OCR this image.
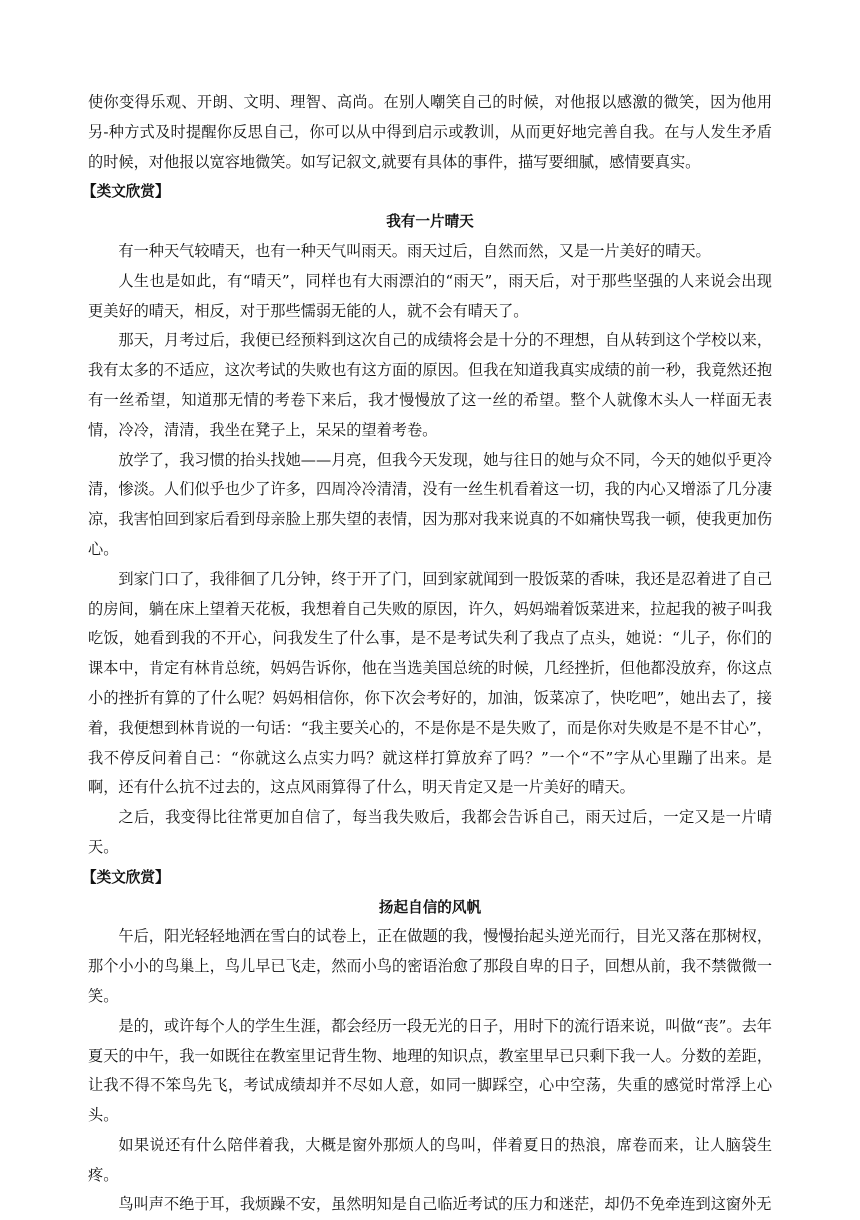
使你变得乐观、开朗、文明、理智、高尚。在别人嘲笑自己的时候，对他报以感激的微笑，因为他用另-种方式及时提醒你反思自己，你可以从中得到启示或教训，从而更好地完善自我。在与人发生矛盾的时候，对他报以宽容地微笑。如写记叙文,就要有具体的事件，描写要细腻，感情要真实。

【类文欣赏】

我有一片晴天

有一种天气较晴天，也有一种天气叫雨天。雨天过后，自然而然，又是一片美好的晴天。

人生也是如此，有“晴天”，同样也有大雨漂泊的“雨天”，雨天后，对于那些坚强的人来说会出现更美好的晴天，相反，对于那些懦弱无能的人，就不会有晴天了。

那天，月考过后，我便已经预料到这次自己的成绩将会是十分的不理想，自从转到这个学校以来，我有太多的不适应，这次考试的失败也有这方面的原因。但我在知道我真实成绩的前一秒，我竟然还抱有一丝希望，知道那无情的考卷下来后，我才慢慢放了这一丝的希望。整个人就像木头人一样面无表情，冷冷，清清，我坐在凳子上，呆呆的望着考卷。

放学了，我习惯的抬头找她——月亮，但我今天发现，她与往日的她与众不同，今天的她似乎更冷清，惨淡。人们似乎也少了许多，四周冷冷清清，没有一丝生机看着这一切，我的内心又增添了几分凄凉，我害怕回到家后看到母亲脸上那失望的表情，因为那对我来说真的不如痛快骂我一顿，使我更加伤心。

到家门口了，我徘徊了几分钟，终于开了门，回到家就闻到一股饭菜的香味，我还是忍着进了自己的房间，躺在床上望着天花板，我想着自己失败的原因，许久，妈妈端着饭菜进来，拉起我的被子叫我吃饭，她看到我的不开心，问我发生了什么事，是不是考试失利了我点了点头，她说：“儿子，你们的课本中，肯定有林肯总统，妈妈告诉你，他在当选美国总统的时候，几经挫折，但他都没放弃，你这点小的挫折有算的了什么呢？妈妈相信你，你下次会考好的，加油，饭菜凉了，快吃吧”，她出去了，接着，我便想到林肯说的一句话：“我主要关心的，不是你是不是失败了，而是你对失败是不是不甘心”，我不停反问着自己：“你就这么点实力吗？就这样打算放弃了吗？”一个“不”字从心里蹦了出来。是啊，还有什么抗不过去的，这点风雨算得了什么，明天肯定又是一片美好的晴天。

之后，我变得比往常更加自信了，每当我失败后，我都会告诉自己，雨天过后，一定又是一片晴天。

【类文欣赏】

扬起自信的风帆

午后，阳光轻轻地洒在雪白的试卷上，正在做题的我，慢慢抬起头逆光而行，目光又落在那树杈，那个小小的鸟巢上，鸟儿早已飞走，然而小鸟的密语治愈了那段自卑的日子，回想从前，我不禁微微一笑。

是的，或许每个人的学生生涯，都会经历一段无光的日子，用时下的流行语来说，叫做“丧”。去年夏天的中午，我一如既往在教室里记背生物、地理的知识点，教室里早已只剩下我一人。分数的差距，让我不得不笨鸟先飞，考试成绩却并不尽如人意，如同一脚踩空，心中空荡，失重的感觉时常浮上心头。

如果说还有什么陪伴着我，大概是窗外那烦人的鸟叫，伴着夏日的热浪，席卷而来，让人脑袋生疼。

鸟叫声不绝于耳，我烦躁不安，虽然明知是自己临近考试的压力和迷茫，却仍不免牵连到这窗外无
